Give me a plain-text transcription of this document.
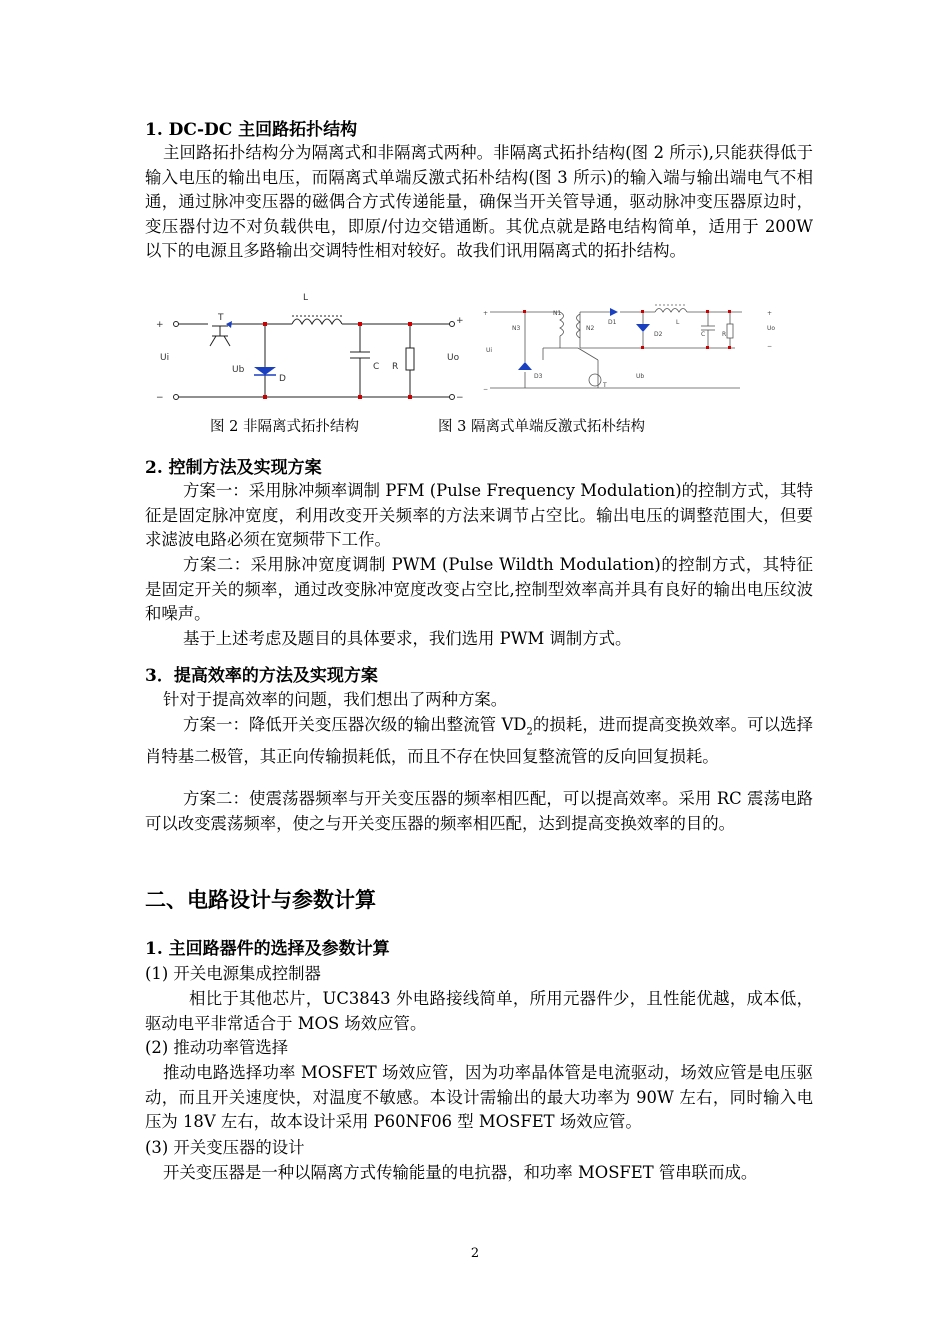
1. DC-DC 主回路拓扑结构
主回路拓扑结构分为隔离式和非隔离式两种。非隔离式拓扑结构(图 2 所示),只能获得低于输入电压的输出电压，而隔离式单端反激式拓朴结构(图 3 所示)的输入端与输出端电气不相通，通过脉冲变压器的磁偶合方式传递能量，确保当开关管导通，驱动脉冲变压器原边时，变压器付边不对负载供电，即原/付边交错通断。其优点就是路电结构简单，适用于 200W 以下的电源且多路输出交调特性相对较好。故我们讯用隔离式的拓扑结构。
+
−
Ui
T
L
Ub
D
C R
+
Uo
−
+
−
Ui
N3
N1
N2
D1
D2
D3
L
C	R
+
Uo
−
Ub
T
图 2 非隔离式拓扑结构	图 3 隔离式单端反激式拓朴结构
2. 控制方法及实现方案
方案一：采用脉冲频率调制 PFM (Pulse Frequency Modulation)的控制方式，其特征是固定脉冲宽度，利用改变开关频率的方法来调节占空比。输出电压的调整范围大，但要求滤波电路必须在宽频带下工作。
方案二：采用脉冲宽度调制 PWM (Pulse Wildth Modulation)的控制方式，其特征是固定开关的频率，通过改变脉冲宽度改变占空比,控制型效率高并具有良好的输出电压纹波和噪声。
基于上述考虑及题目的具体要求，我们选用 PWM 调制方式。
3．提高效率的方法及实现方案
针对于提高效率的问题，我们想出了两种方案。
方案一：降低开关变压器次级的输出整流管 $VD_2$的损耗，进而提高变换效率。可以选择肖特基二极管，其正向传输损耗低，而且不存在快回复整流管的反向回复损耗。
方案二：使震荡器频率与开关变压器的频率相匹配，可以提高效率。采用 RC 震荡电路可以改变震荡频率，使之与开关变压器的频率相匹配，达到提高变换效率的目的。
二、电路设计与参数计算
1. 主回路器件的选择及参数计算
(1) 开关电源集成控制器
相比于其他芯片，UC3843 外电路接线简单，所用元器件少，且性能优越，成本低，驱动电平非常适合于 MOS 场效应管。
(2) 推动功率管选择
推动电路选择功率 MOSFET 场效应管，因为功率晶体管是电流驱动，场效应管是电压驱动，而且开关速度快，对温度不敏感。本设计需输出的最大功率为 90W 左右，同时输入电压为 18V 左右，故本设计采用 P60NF06 型 MOSFET 场效应管。
(3) 开关变压器的设计
开关变压器是一种以隔离方式传输能量的电抗器，和功率 MOSFET 管串联而成。
2
